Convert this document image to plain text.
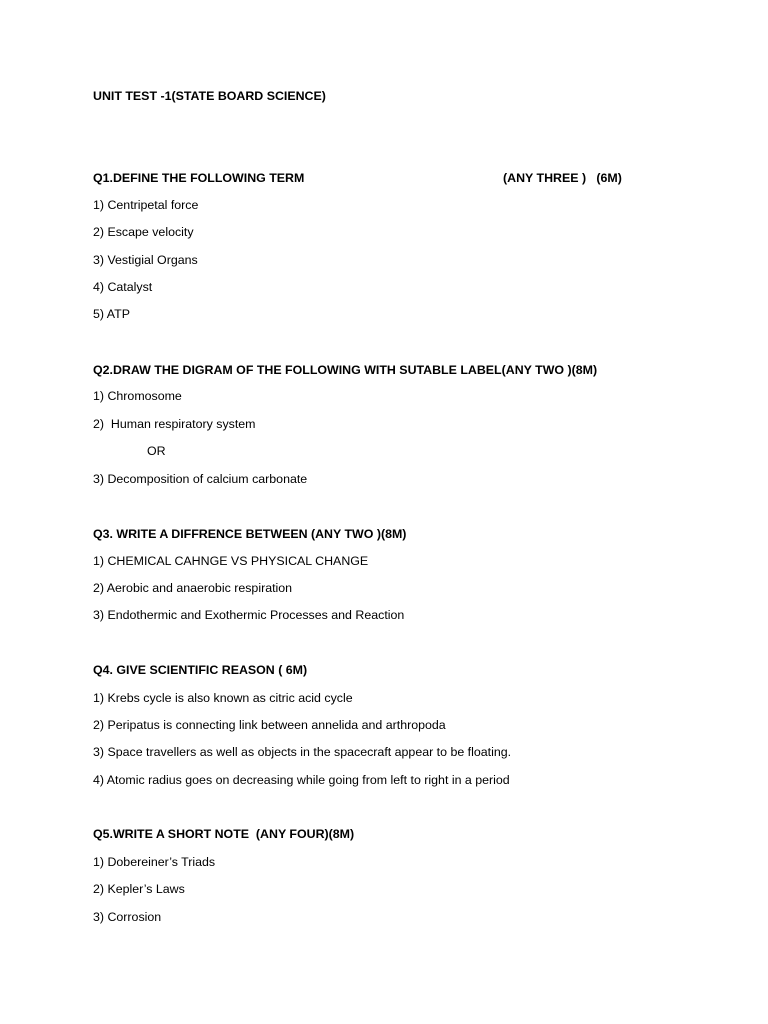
UNIT TEST -1(STATE BOARD SCIENCE)
Q1.DEFINE THE FOLLOWING TERM	(ANY THREE )   (6M)
1) Centripetal force
2) Escape velocity
3) Vestigial Organs
4) Catalyst
5) ATP
Q2.DRAW THE DIGRAM OF THE FOLLOWING WITH SUTABLE LABEL(ANY TWO )(8M)
1) Chromosome
2)  Human respiratory system
OR
3) Decomposition of calcium carbonate
Q3. WRITE A DIFFRENCE BETWEEN (ANY TWO )(8M)
1) CHEMICAL CAHNGE VS PHYSICAL CHANGE
2) Aerobic and anaerobic respiration
3) Endothermic and Exothermic Processes and Reaction
Q4. GIVE SCIENTIFIC REASON ( 6M)
1) Krebs cycle is also known as citric acid cycle
2) Peripatus is connecting link between annelida and arthropoda
3) Space travellers as well as objects in the spacecraft appear to be floating.
4) Atomic radius goes on decreasing while going from left to right in a period
Q5.WRITE A SHORT NOTE  (ANY FOUR)(8M)
1) Dobereiner’s Triads
2) Kepler’s Laws
3) Corrosion
